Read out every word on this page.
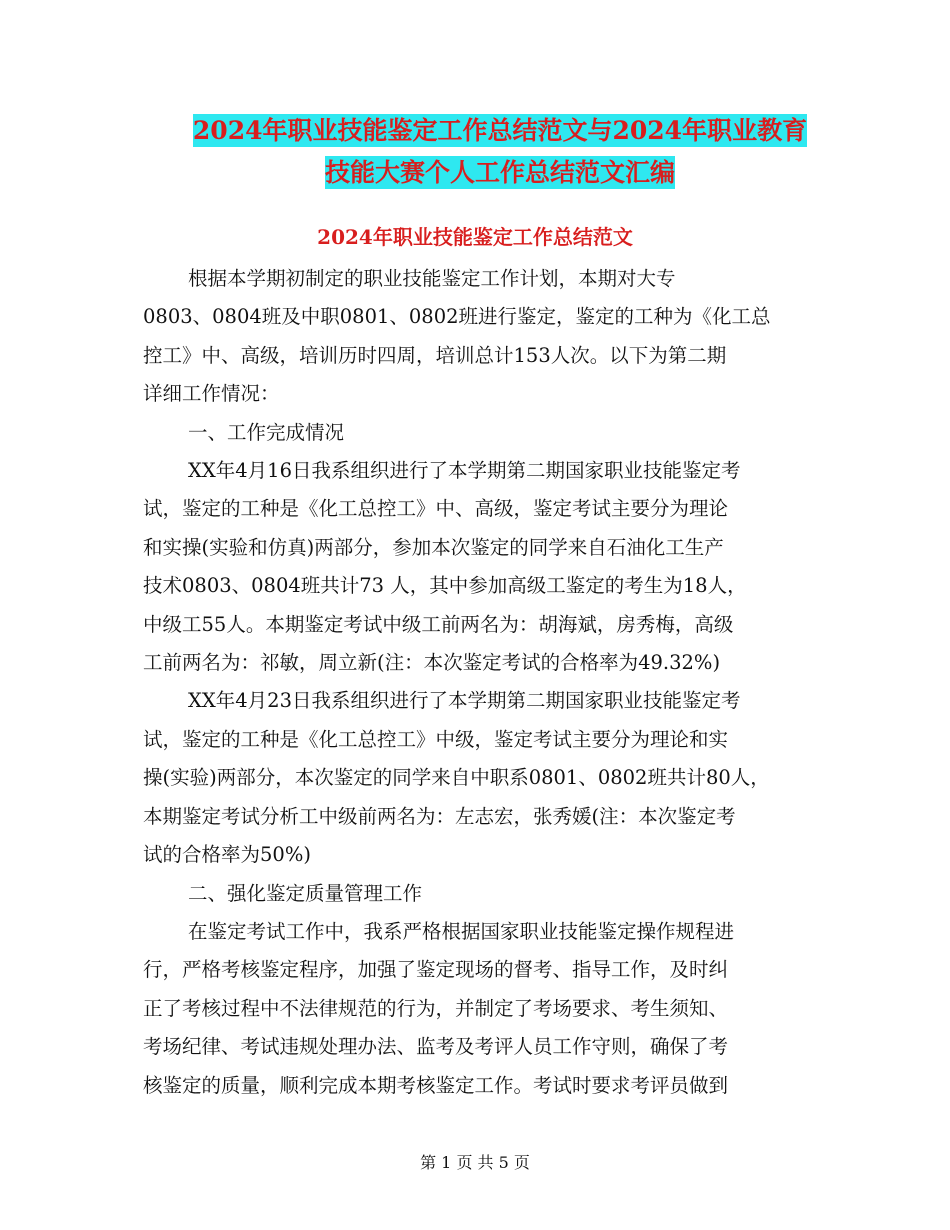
2024年职业技能鉴定工作总结范文与2024年职业教育
技能大赛个人工作总结范文汇编
2024年职业技能鉴定工作总结范文

根据本学期初制定的职业技能鉴定工作计划，本期对大专
0803、0804班及中职0801、0802班进行鉴定，鉴定的工种为《化工总
控工》中、高级，培训历时四周，培训总计153人次。以下为第二期
详细工作情况：

一、工作完成情况

XX年4月16日我系组织进行了本学期第二期国家职业技能鉴定考
试，鉴定的工种是《化工总控工》中、高级，鉴定考试主要分为理论
和实操(实验和仿真)两部分，参加本次鉴定的同学来自石油化工生产
技术0803、0804班共计73 人，其中参加高级工鉴定的考生为18人，
中级工55人。本期鉴定考试中级工前两名为：胡海斌，房秀梅，高级
工前两名为：祁敏，周立新(注：本次鉴定考试的合格率为49.32%)

XX年4月23日我系组织进行了本学期第二期国家职业技能鉴定考
试，鉴定的工种是《化工总控工》中级，鉴定考试主要分为理论和实
操(实验)两部分，本次鉴定的同学来自中职系0801、0802班共计80人，
本期鉴定考试分析工中级前两名为：左志宏，张秀媛(注：本次鉴定考
试的合格率为50%)

二、强化鉴定质量管理工作

在鉴定考试工作中，我系严格根据国家职业技能鉴定操作规程进
行，严格考核鉴定程序，加强了鉴定现场的督考、指导工作，及时纠
正了考核过程中不法律规范的行为，并制定了考场要求、考生须知、
考场纪律、考试违规处理办法、监考及考评人员工作守则，确保了考
核鉴定的质量，顺利完成本期考核鉴定工作。考试时要求考评员做到

第 1 页 共 5 页
